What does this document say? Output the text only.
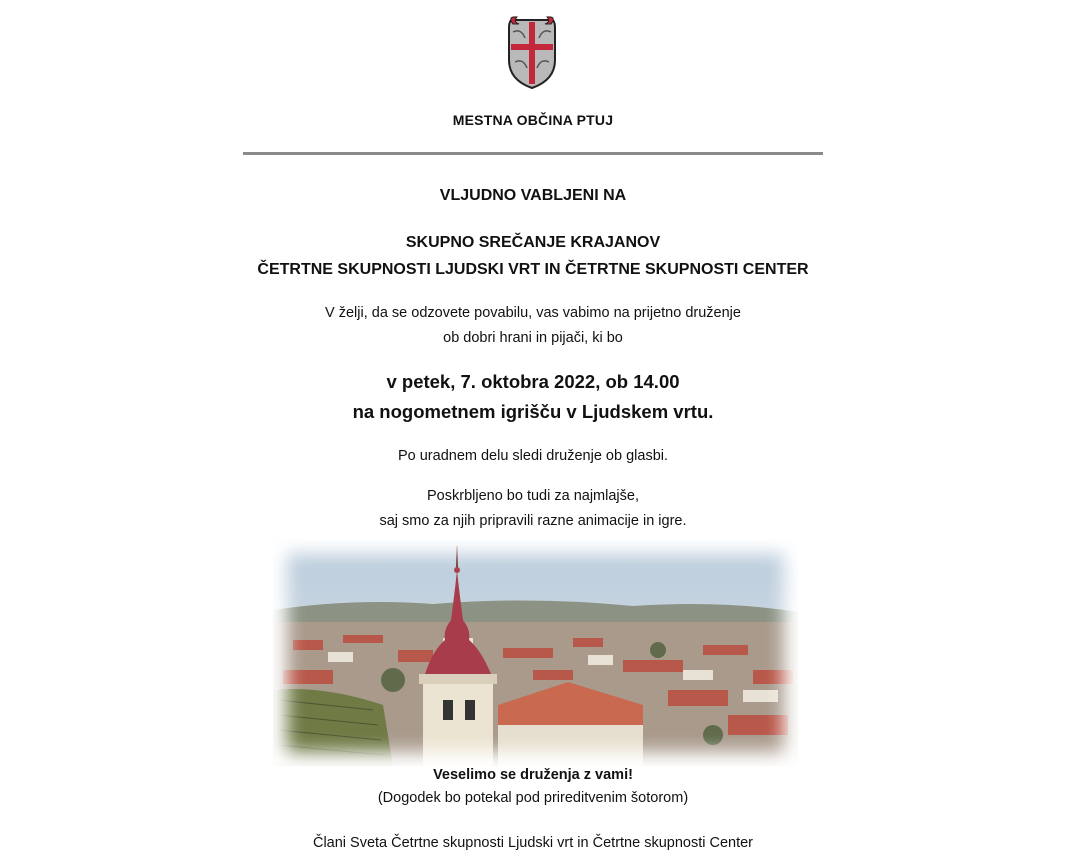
MESTNA OBČINA PTUJ
VLJUDNO VABLJENI NA
SKUPNO SREČANJE KRAJANOV
ČETRTNE SKUPNOSTI LJUDSKI VRT IN ČETRTNE SKUPNOSTI CENTER
V želji, da se odzovete povabilu, vas vabimo na prijetno druženje
ob dobri hrani in pijači, ki bo
v petek, 7. oktobra 2022, ob 14.00
na nogometnem igrišču v Ljudskem vrtu.
Po uradnem delu sledi druženje ob glasbi.
Poskrbljeno bo tudi za najmlajše,
saj smo za njih pripravili razne animacije in igre.
Veselimo se druženja z vami!
(Dogodek bo potekal pod prireditvenim šotorom)
Člani Sveta Četrtne skupnosti Ljudski vrt in Četrtne skupnosti Center
